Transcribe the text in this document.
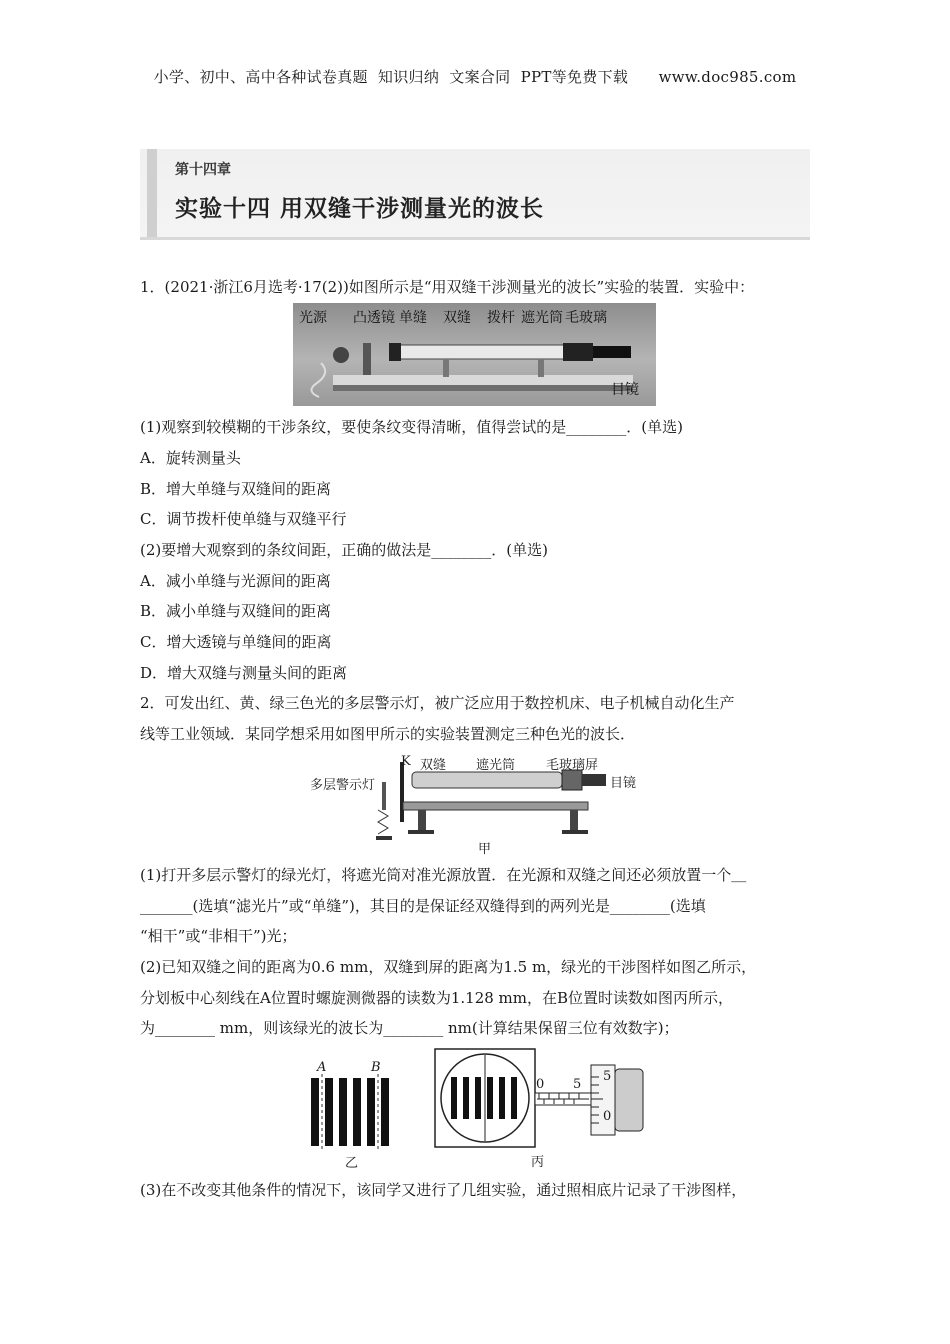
小学、初中、高中各种试卷真题  知识归纳  文案合同  PPT等免费下载      www.doc985.com
第十四章
实验十四 用双缝干涉测量光的波长
1．(2021·浙江6月选考·17(2))如图所示是“用双缝干涉测量光的波长”实验的装置．实验中：
光源 凸透镜 单缝 双缝 拨杆 遮光筒 毛玻璃
目镜
(1)观察到较模糊的干涉条纹，要使条纹变得清晰，值得尝试的是________．(单选)
A．旋转测量头
B．增大单缝与双缝间的距离
C．调节拨杆使单缝与双缝平行
(2)要增大观察到的条纹间距，正确的做法是________．(单选)
A．减小单缝与光源间的距离
B．减小单缝与双缝间的距离
C．增大透镜与单缝间的距离
D．增大双缝与测量头间的距离
2．可发出红、黄、绿三色光的多层警示灯，被广泛应用于数控机床、电子机械自动化生产
线等工业领域．某同学想采用如图甲所示的实验装置测定三种色光的波长．
多层警示灯
K 双缝 遮光筒 毛玻璃屏
目镜
甲
(1)打开多层示警灯的绿光灯，将遮光筒对准光源放置．在光源和双缝之间还必须放置一个＿
_______(选填“滤光片”或“单缝”)，其目的是保证经双缝得到的两列光是________(选填
“相干”或“非相干”)光；
(2)已知双缝之间的距离为0.6 mm，双缝到屏的距离为1.5 m，绿光的干涉图样如图乙所示，
分划板中心刻线在A位置时螺旋测微器的读数为1.128 mm，在B位置时读数如图丙所示，
为________ mm，则该绿光的波长为________ nm(计算结果保留三位有效数字)；
A	B
乙
0 5
5
0
丙
(3)在不改变其他条件的情况下，该同学又进行了几组实验，通过照相底片记录了干涉图样，
